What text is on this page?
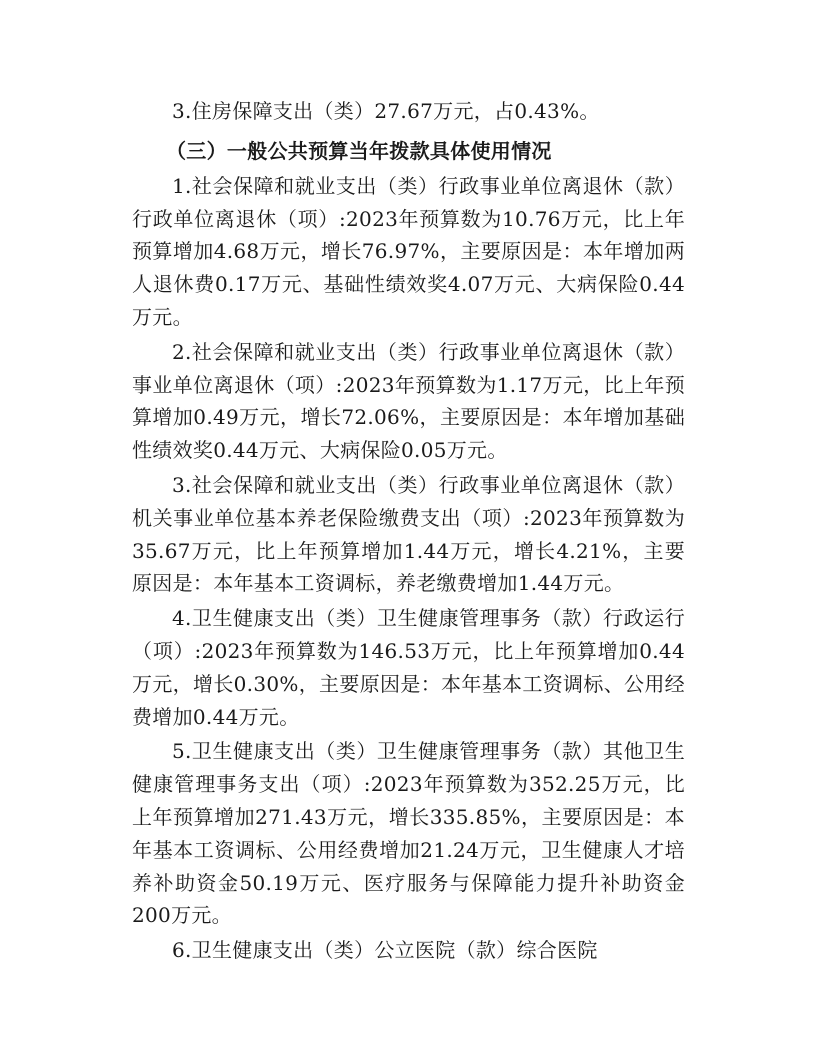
3.住房保障支出（类）27.67万元，占0.43%。

（三）一般公共预算当年拨款具体使用情况

1.社会保障和就业支出（类）行政事业单位离退休（款）行政单位离退休（项）:2023年预算数为10.76万元，比上年预算增加4.68万元，增长76.97%，主要原因是：本年增加两人退休费0.17万元、基础性绩效奖4.07万元、大病保险0.44万元。

2.社会保障和就业支出（类）行政事业单位离退休（款）事业单位离退休（项）:2023年预算数为1.17万元，比上年预算增加0.49万元，增长72.06%，主要原因是：本年增加基础性绩效奖0.44万元、大病保险0.05万元。

3.社会保障和就业支出（类）行政事业单位离退休（款）机关事业单位基本养老保险缴费支出（项）:2023年预算数为35.67万元，比上年预算增加1.44万元，增长4.21%，主要原因是：本年基本工资调标，养老缴费增加1.44万元。

4.卫生健康支出（类）卫生健康管理事务（款）行政运行（项）:2023年预算数为146.53万元，比上年预算增加0.44万元，增长0.30%，主要原因是：本年基本工资调标、公用经费增加0.44万元。

5.卫生健康支出（类）卫生健康管理事务（款）其他卫生健康管理事务支出（项）:2023年预算数为352.25万元，比上年预算增加271.43万元，增长335.85%，主要原因是：本年基本工资调标、公用经费增加21.24万元，卫生健康人才培养补助资金50.19万元、医疗服务与保障能力提升补助资金200万元。

6.卫生健康支出（类）公立医院（款）综合医院
